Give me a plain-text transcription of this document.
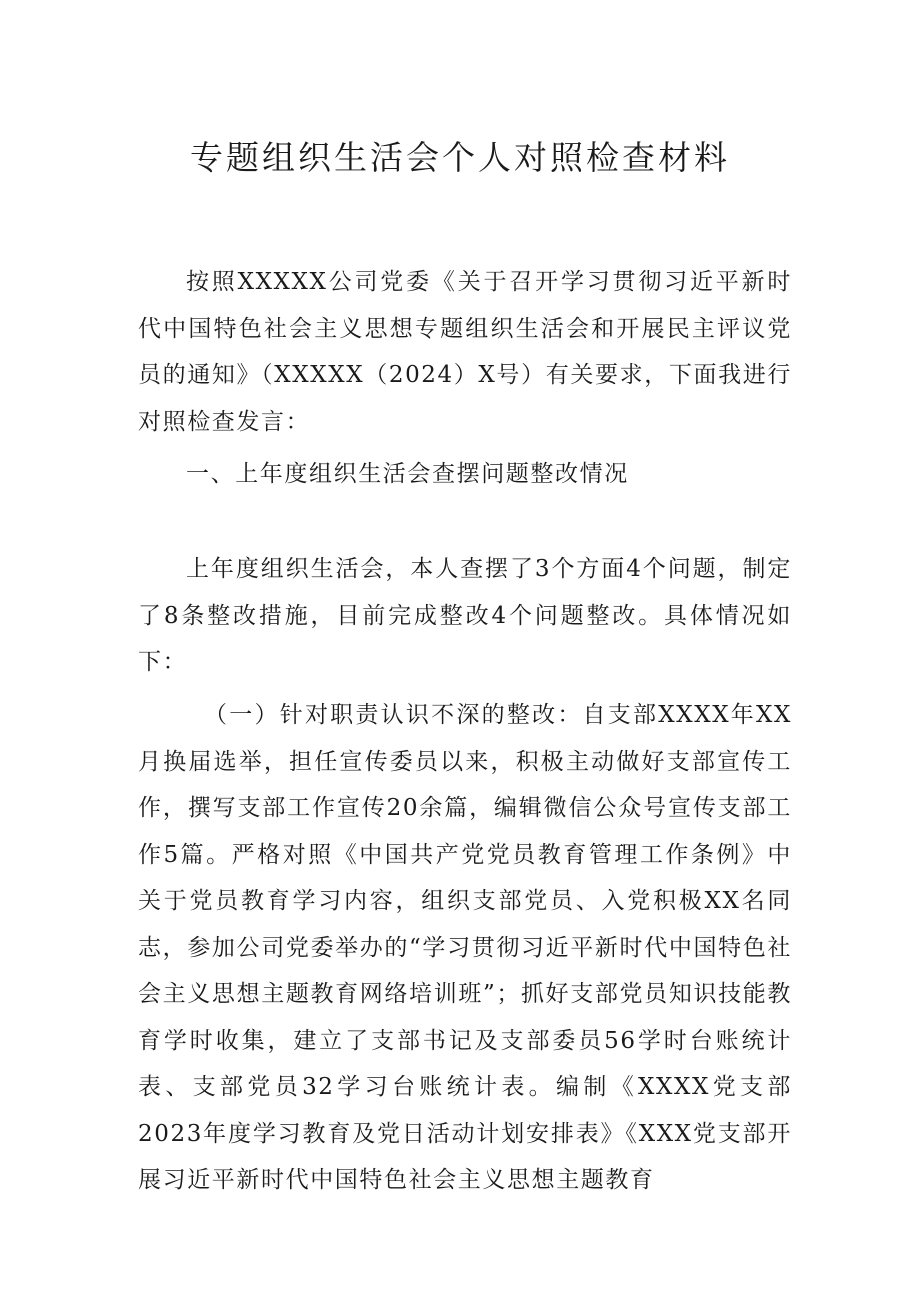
专题组织生活会个人对照检查材料

按照XXXXX公司党委《关于召开学习贯彻习近平新时代中国特色社会主义思想专题组织生活会和开展民主评议党员的通知》（XXXXX（2024）X号）有关要求，下面我进行对照检查发言：

一、上年度组织生活会查摆问题整改情况

上年度组织生活会，本人查摆了3个方面4个问题，制定了8条整改措施，目前完成整改4个问题整改。具体情况如下：

（一）针对职责认识不深的整改：自支部XXXX年XX月换届选举，担任宣传委员以来，积极主动做好支部宣传工作，撰写支部工作宣传20余篇，编辑微信公众号宣传支部工作5篇。严格对照《中国共产党党员教育管理工作条例》中关于党员教育学习内容，组织支部党员、入党积极XX名同志，参加公司党委举办的“学习贯彻习近平新时代中国特色社会主义思想主题教育网络培训班”；抓好支部党员知识技能教育学时收集，建立了支部书记及支部委员56学时台账统计表、支部党员32学习台账统计表。编制《XXXX党支部2023年度学习教育及党日活动计划安排表》《XXX党支部开展习近平新时代中国特色社会主义思想主题教育
